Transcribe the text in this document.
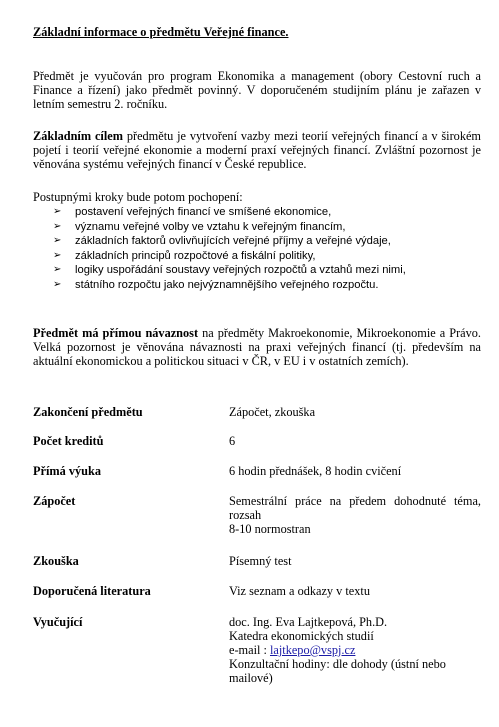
Základní informace o předmětu Veřejné finance.
Předmět je vyučován pro program Ekonomika a management (obory Cestovní ruch a Finance a řízení) jako předmět povinný. V doporučeném studijním plánu je zařazen v letním semestru 2. ročníku.
Základním cílem předmětu je vytvoření vazby mezi teorií veřejných financí a v širokém pojetí i teorií veřejné ekonomie a moderní praxí veřejných financí. Zvláštní pozornost je věnována systému veřejných financí v České republice.
Postupnými kroky bude potom pochopení:
➢ postavení veřejných financí ve smíšené ekonomice,
➢ významu veřejné volby ve vztahu k veřejným financím,
➢ základních faktorů ovlivňujících veřejné příjmy a veřejné výdaje,
➢ základních principů rozpočtové a fiskální politiky,
➢ logiky uspořádání soustavy veřejných rozpočtů a vztahů mezi nimi,
➢ státního rozpočtu jako nejvýznamnějšího veřejného rozpočtu.
Předmět má přímou návaznost na předměty Makroekonomie, Mikroekonomie a Právo. Velká pozornost je věnována návaznosti na praxi veřejných financí (tj. především na aktuální ekonomickou a politickou situaci v ČR, v EU i v ostatních zemích).
Zakončení předmětu	Zápočet, zkouška
Počet kreditů	6
Přímá výuka	6 hodin přednášek, 8 hodin cvičení
Zápočet	Semestrální práce na předem dohodnuté téma, rozsah
8-10 normostran
Zkouška	Písemný test
Doporučená literatura	Viz seznam a odkazy v textu
Vyučující	doc. Ing. Eva Lajtkepová, Ph.D.
Katedra ekonomických studií
e-mail : lajtkepo@vspj.cz
Konzultační hodiny: dle dohody (ústní nebo mailové)
